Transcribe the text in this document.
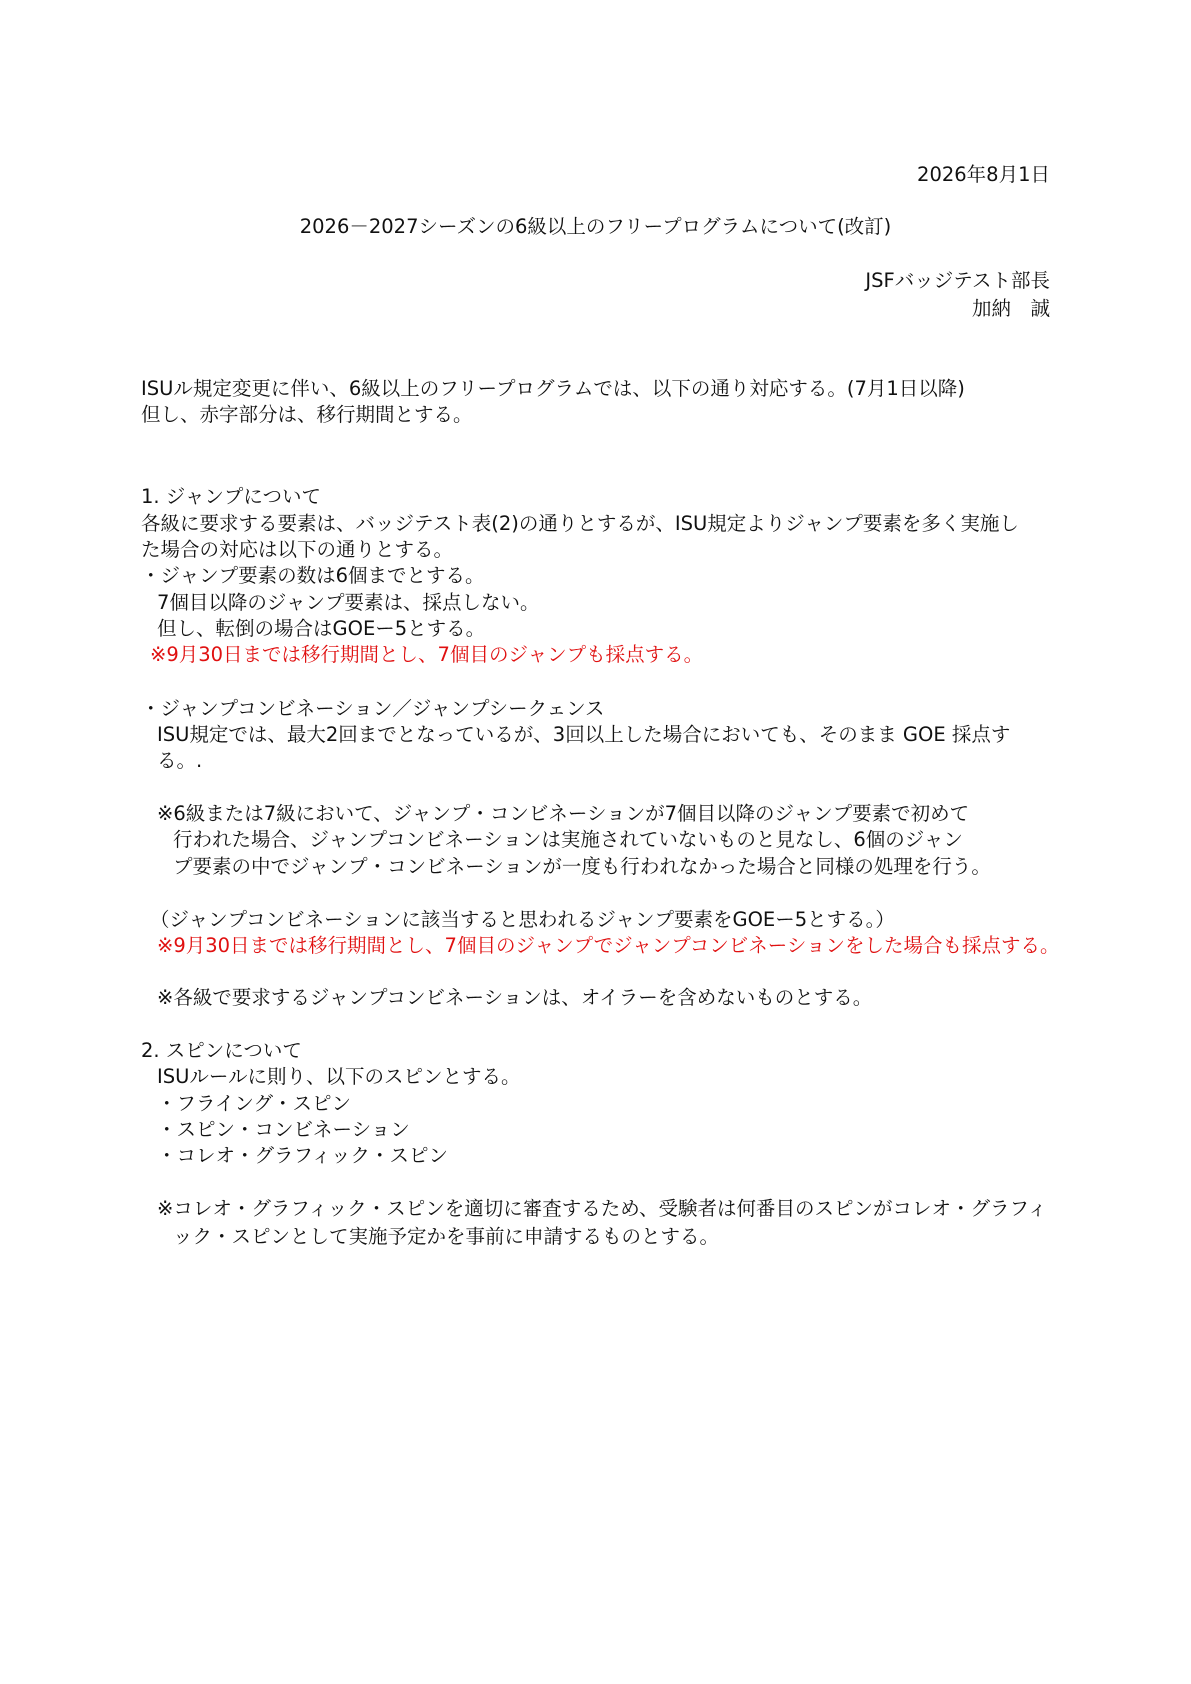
2026年8月1日
2026－2027シーズンの6級以上のフリープログラムについて(改訂)
JSFバッジテスト部長
加納　誠
ISUル規定変更に伴い、6級以上のフリープログラムでは、以下の通り対応する。(7月1日以降)
但し、赤字部分は、移行期間とする。
1. ジャンプについて
各級に要求する要素は、バッジテスト表(2)の通りとするが、ISU規定よりジャンプ要素を多く実施し
た場合の対応は以下の通りとする。
・ジャンプ要素の数は6個までとする。
7個目以降のジャンプ要素は、採点しない。
但し、転倒の場合はGOEー5とする。
※9月30日までは移行期間とし、7個目のジャンプも採点する。
・ジャンプコンビネーション／ジャンプシークェンス
ISU規定では、最大2回までとなっているが、3回以上した場合においても、そのまま GOE 採点す
る。.
※6級または7級において、ジャンプ・コンビネーションが7個目以降のジャンプ要素で初めて
行われた場合、ジャンプコンビネーションは実施されていないものと見なし、6個のジャン
プ要素の中でジャンプ・コンビネーションが一度も行われなかった場合と同様の処理を行う。
（ジャンプコンビネーションに該当すると思われるジャンプ要素をGOEー5とする。）
※9月30日までは移行期間とし、7個目のジャンプでジャンプコンビネーションをした場合も採点する。
※各級で要求するジャンプコンビネーションは、オイラーを含めないものとする。
2. スピンについて
ISUルールに則り、以下のスピンとする。
・フライング・スピン
・スピン・コンビネーション
・コレオ・グラフィック・スピン
※コレオ・グラフィック・スピンを適切に審査するため、受験者は何番目のスピンがコレオ・グラフィ
ック・スピンとして実施予定かを事前に申請するものとする。
